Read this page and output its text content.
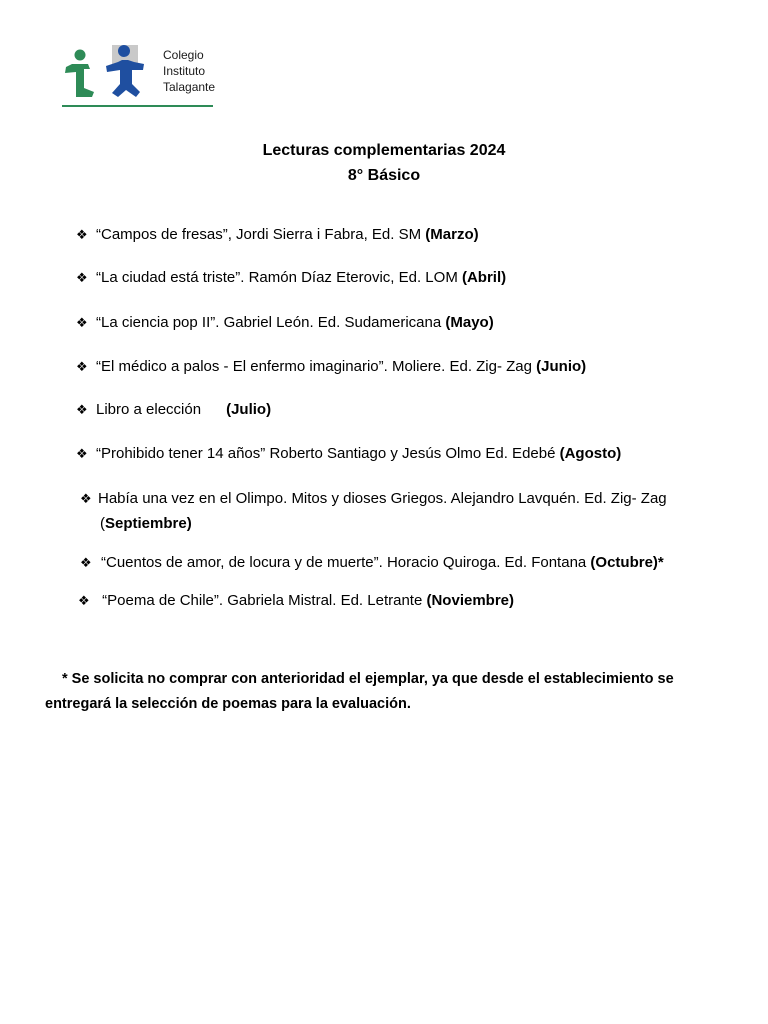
Colegio
Instituto
Talagante
Lecturas complementarias 2024
8° Básico
❖ “Campos de fresas”, Jordi Sierra i Fabra, Ed. SM (Marzo)
❖ “La ciudad está triste”. Ramón Díaz Eterovic, Ed. LOM (Abril)
❖ “La ciencia pop II”. Gabriel León. Ed. Sudamericana (Mayo)
❖ “El médico a palos - El enfermo imaginario”. Moliere. Ed. Zig- Zag (Junio)
❖ Libro a elección      (Julio)
❖ “Prohibido tener 14 años” Roberto Santiago y Jesús Olmo Ed. Edebé (Agosto)
❖ Había una vez en el Olimpo. Mitos y dioses Griegos. Alejandro Lavquén. Ed. Zig- Zag
(Septiembre)
❖ “Cuentos de amor, de locura y de muerte”. Horacio Quiroga. Ed. Fontana (Octubre)*
❖ “Poema de Chile”. Gabriela Mistral. Ed. Letrante (Noviembre)
* Se solicita no comprar con anterioridad el ejemplar, ya que desde el establecimiento se
entregará la selección de poemas para la evaluación.
